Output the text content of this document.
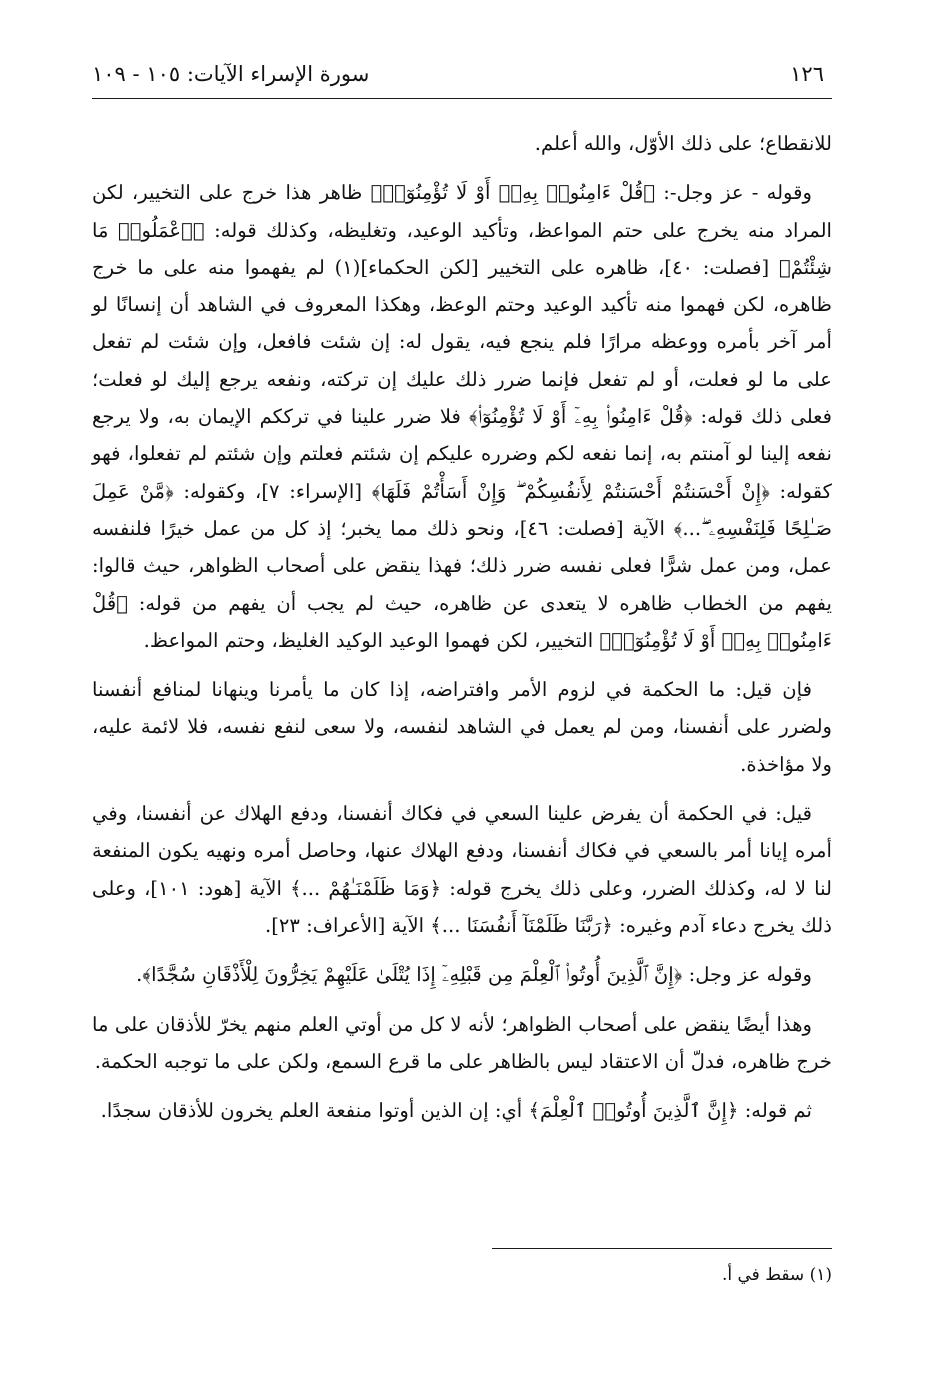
١٢٦
سورة الإسراء الآيات: ١٠٥ - ١٠٩

للانقطاع؛ على ذلك الأوّل، والله أعلم.

وقوله - عز وجل-: ﴿قُلْ ءَامِنُوا۟ بِهِۦٓ أَوْ لَا تُؤْمِنُوٓا۟﴾ ظاهر هذا خرج على التخيير، لكن المراد منه يخرج على حتم المواعظ، وتأكيد الوعيد، وتغليظه، وكذلك قوله: ﴿ٱعْمَلُوا۟ مَا شِئْتُمْ﴾ [فصلت: ٤٠]، ظاهره على التخيير [لكن الحكماء](١) لم يفهموا منه على ما خرج ظاهره، لكن فهموا منه تأكيد الوعيد وحتم الوعظ، وهكذا المعروف في الشاهد أن إنسانًا لو أمر آخر بأمره ووعظه مرارًا فلم ينجع فيه، يقول له: إن شئت فافعل، وإن شئت لم تفعل على ما لو فعلت، أو لم تفعل فإنما ضرر ذلك عليك إن تركته، ونفعه يرجع إليك لو فعلت؛ فعلى ذلك قوله: ﴿قُلْ ءَامِنُوا۟ بِهِۦٓ أَوْ لَا تُؤْمِنُوٓا۟﴾ فلا ضرر علينا في ترككم الإيمان به، ولا يرجع نفعه إلينا لو آمنتم به، إنما نفعه لكم وضرره عليكم إن شئتم فعلتم وإن شئتم لم تفعلوا، فهو كقوله: ﴿إِنْ أَحْسَنتُمْ أَحْسَنتُمْ لِأَنفُسِكُمْ ۖ وَإِنْ أَسَأْتُمْ فَلَهَا﴾ [الإسراء: ٧]، وكقوله: ﴿مَّنْ عَمِلَ صَـٰلِحًا فَلِنَفْسِهِۦ ۖ...﴾ الآية [فصلت: ٤٦]، ونحو ذلك مما يخبر؛ إذ كل من عمل خيرًا فلنفسه عمل، ومن عمل شرًّا فعلى نفسه ضرر ذلك؛ فهذا ينقض على أصحاب الظواهر، حيث قالوا: يفهم من الخطاب ظاهره لا يتعدى عن ظاهره، حيث لم يجب أن يفهم من قوله: ﴿قُلْ ءَامِنُوا۟ بِهِۦٓ أَوْ لَا تُؤْمِنُوٓا۟﴾ التخيير، لكن فهموا الوعيد الوكيد الغليظ، وحتم المواعظ.

فإن قيل: ما الحكمة في لزوم الأمر وافتراضه، إذا كان ما يأمرنا وينهانا لمنافع أنفسنا ولضرر على أنفسنا، ومن لم يعمل في الشاهد لنفسه، ولا سعى لنفع نفسه، فلا لائمة عليه، ولا مؤاخذة.

قيل: في الحكمة أن يفرض علينا السعي في فكاك أنفسنا، ودفع الهلاك عن أنفسنا، وفي أمره إيانا أمر بالسعي في فكاك أنفسنا، ودفع الهلاك عنها، وحاصل أمره ونهيه يكون المنفعة لنا لا له، وكذلك الضرر، وعلى ذلك يخرج قوله: ﴿وَمَا ظَلَمْنَـٰهُمْ ...﴾ الآية [هود: ١٠١]، وعلى ذلك يخرج دعاء آدم وغيره: ﴿رَبَّنَا ظَلَمْنَآ أَنفُسَنَا ...﴾ الآية [الأعراف: ٢٣].

وقوله عز وجل: ﴿إِنَّ ٱلَّذِينَ أُوتُوا۟ ٱلْعِلْمَ مِن قَبْلِهِۦٓ إِذَا يُتْلَىٰ عَلَيْهِمْ يَخِرُّونَ لِلْأَذْقَانِ سُجَّدًا﴾.

وهذا أيضًا ينقض على أصحاب الظواهر؛ لأنه لا كل من أوتي العلم منهم يخرّ للأذقان على ما خرج ظاهره، فدلّ أن الاعتقاد ليس بالظاهر على ما قرع السمع، ولكن على ما توجبه الحكمة.

ثم قوله: ﴿إِنَّ ٱلَّذِينَ أُوتُوا۟ ٱلْعِلْمَ﴾ أي: إن الذين أوتوا منفعة العلم يخرون للأذقان سجدًا.

(١) سقط في أ.
